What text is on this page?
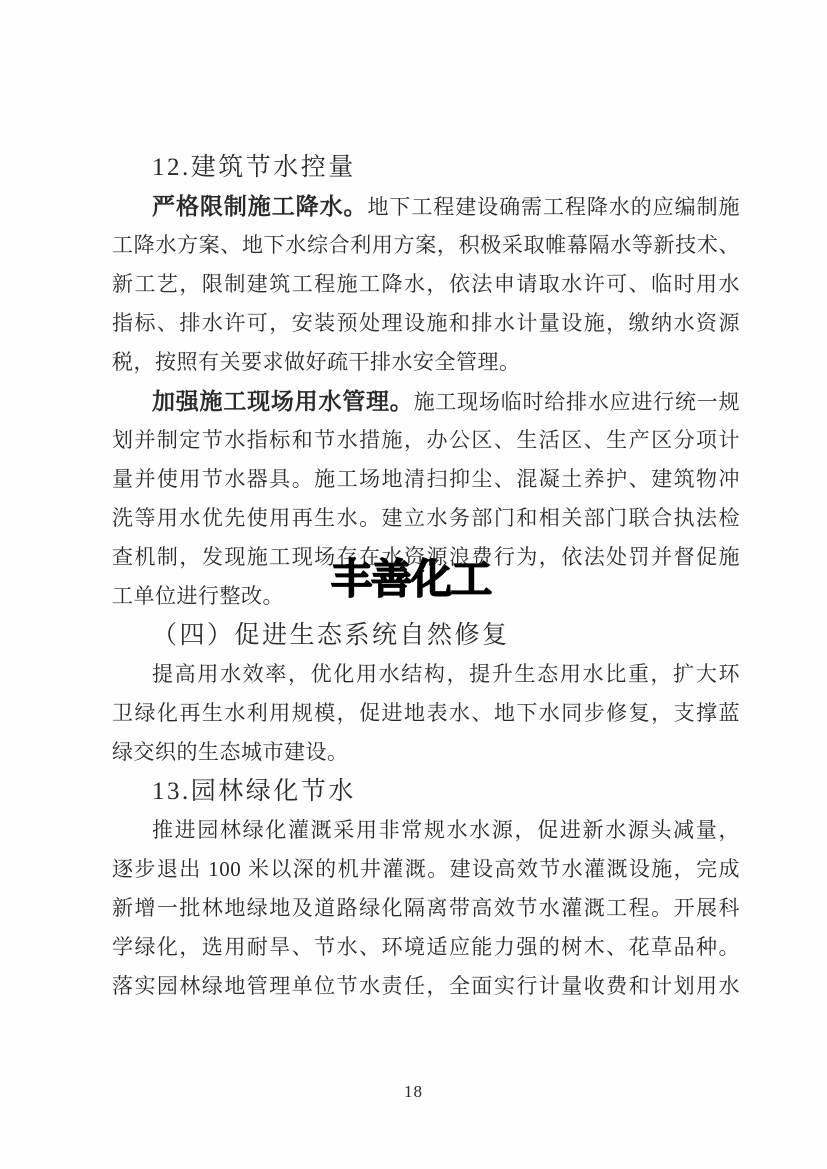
12.建筑节水控量
严格限制施工降水。地下工程建设确需工程降水的应编制施
工降水方案、地下水综合利用方案，积极采取帷幕隔水等新技术、
新工艺，限制建筑工程施工降水，依法申请取水许可、临时用水
指标、排水许可，安装预处理设施和排水计量设施，缴纳水资源
税，按照有关要求做好疏干排水安全管理。
加强施工现场用水管理。施工现场临时给排水应进行统一规
划并制定节水指标和节水措施，办公区、生活区、生产区分项计
量并使用节水器具。施工场地清扫抑尘、混凝土养护、建筑物冲
洗等用水优先使用再生水。建立水务部门和相关部门联合执法检
查机制，发现施工现场存在水资源浪费行为，依法处罚并督促施
工单位进行整改。
（四）促进生态系统自然修复
提高用水效率，优化用水结构，提升生态用水比重，扩大环
卫绿化再生水利用规模，促进地表水、地下水同步修复，支撑蓝
绿交织的生态城市建设。
13.园林绿化节水
推进园林绿化灌溉采用非常规水水源，促进新水源头减量，
逐步退出 100 米以深的机井灌溉。建设高效节水灌溉设施，完成
新增一批林地绿地及道路绿化隔离带高效节水灌溉工程。开展科
学绿化，选用耐旱、节水、环境适应能力强的树木、花草品种。
落实园林绿地管理单位节水责任，全面实行计量收费和计划用水
丰善化工
18
